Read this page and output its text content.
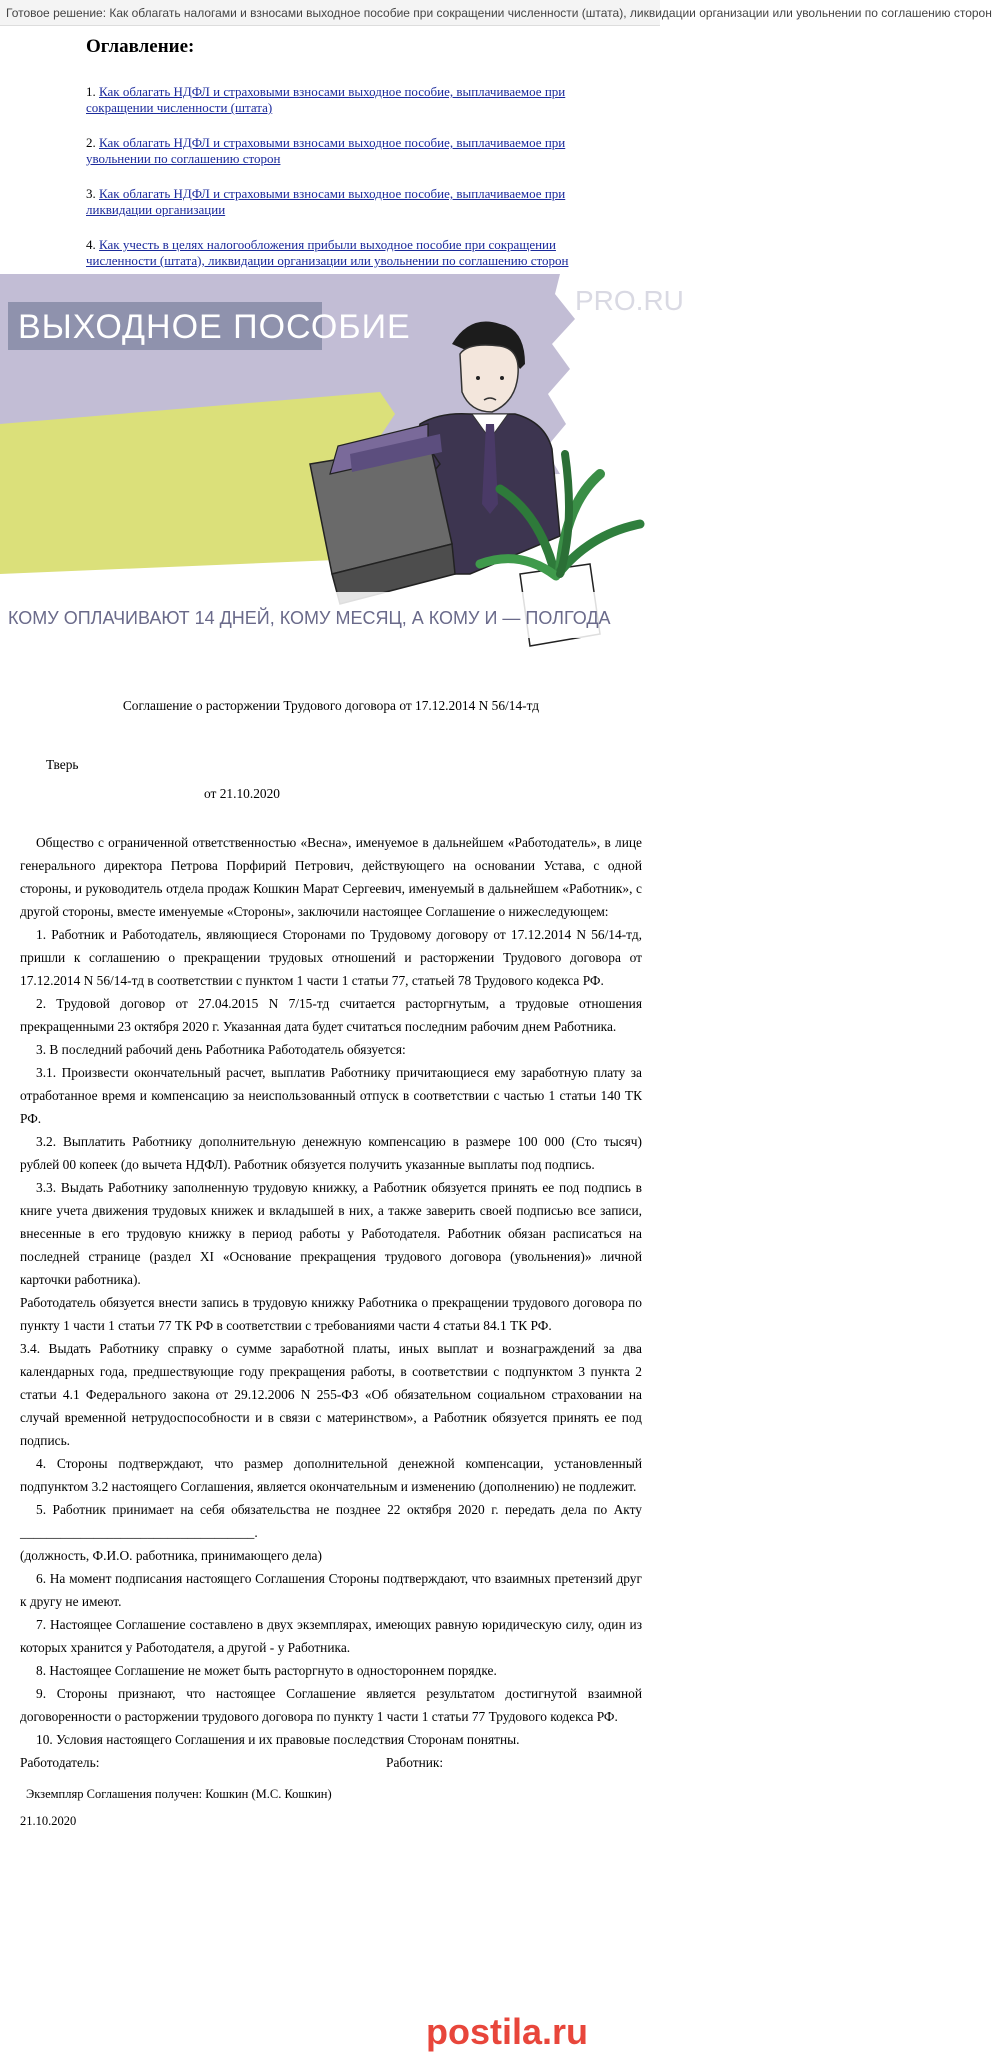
Готовое решение: Как облагать налогами и взносами выходное пособие при сокращении численности (штата), ликвидации организации или увольнении по соглашению сторон
Оглавление:
1. Как облагать НДФЛ и страховыми взносами выходное пособие, выплачиваемое при сокращении численности (штата)
2. Как облагать НДФЛ и страховыми взносами выходное пособие, выплачиваемое при увольнении по соглашению сторон
3. Как облагать НДФЛ и страховыми взносами выходное пособие, выплачиваемое при ликвидации организации
4. Как учесть в целях налогообложения прибыли выходное пособие при сокращении численности (штата), ликвидации организации или увольнении по соглашению сторон
ВЫХОДНОЕ ПОСОБИЕ
PRO.RU
КОМУ ОПЛАЧИВАЮТ 14 ДНЕЙ, КОМУ МЕСЯЦ, А КОМУ И — ПОЛГОДА

Соглашение о расторжении Трудового договора от 17.12.2014 N 56/14-тд

Тверь

от 21.10.2020

Общество с ограниченной ответственностью «Весна», именуемое в дальнейшем «Работодатель», в лице генерального директора Петрова Порфирий Петрович, действующего на основании Устава, с одной стороны, и руководитель отдела продаж Кошкин Марат Сергеевич, именуемый в дальнейшем «Работник», с другой стороны, вместе именуемые «Стороны», заключили настоящее Соглашение о нижеследующем:

1. Работник и Работодатель, являющиеся Сторонами по Трудовому договору от 17.12.2014 N 56/14-тд, пришли к соглашению о прекращении трудовых отношений и расторжении Трудового договора от 17.12.2014 N 56/14-тд в соответствии с пунктом 1 части 1 статьи 77, статьей 78 Трудового кодекса РФ.

2. Трудовой договор от 27.04.2015 N 7/15-тд считается расторгнутым, а трудовые отношения прекращенными 23 октября 2020 г. Указанная дата будет считаться последним рабочим днем Работника.

3. В последний рабочий день Работника Работодатель обязуется:

3.1. Произвести окончательный расчет, выплатив Работнику причитающиеся ему заработную плату за отработанное время и компенсацию за неиспользованный отпуск в соответствии с частью 1 статьи 140 ТК РФ.

3.2. Выплатить Работнику дополнительную денежную компенсацию в размере 100 000 (Сто тысяч) рублей 00 копеек (до вычета НДФЛ). Работник обязуется получить указанные выплаты под подпись.

3.3. Выдать Работнику заполненную трудовую книжку, а Работник обязуется принять ее под подпись в книге учета движения трудовых книжек и вкладышей в них, а также заверить своей подписью все записи, внесенные в его трудовую книжку в период работы у Работодателя. Работник обязан расписаться на последней странице (раздел XI «Основание прекращения трудового договора (увольнения)» личной карточки работника).

Работодатель обязуется внести запись в трудовую книжку Работника о прекращении трудового договора по пункту 1 части 1 статьи 77 ТК РФ в соответствии с требованиями части 4 статьи 84.1 ТК РФ.

3.4. Выдать Работнику справку о сумме заработной платы, иных выплат и вознаграждений за два календарных года, предшествующие году прекращения работы, в соответствии с подпунктом 3 пункта 2 статьи 4.1 Федерального закона от 29.12.2006 N 255-ФЗ «Об обязательном социальном страховании на случай временной нетрудоспособности и в связи с материнством», а Работник обязуется принять ее под подпись.

4. Стороны подтверждают, что размер дополнительной денежной компенсации, установленный подпунктом 3.2 настоящего Соглашения, является окончательным и изменению (дополнению) не подлежит.

5. Работник принимает на себя обязательства не позднее 22 октября 2020 г. передать дела по Акту ___________________________________.

(должность, Ф.И.О. работника, принимающего дела)

6. На момент подписания настоящего Соглашения Стороны подтверждают, что взаимных претензий друг к другу не имеют.

7. Настоящее Соглашение составлено в двух экземплярах, имеющих равную юридическую силу, один из которых хранится у Работодателя, а другой - у Работника.

8. Настоящее Соглашение не может быть расторгнуто в одностороннем порядке.

9. Стороны признают, что настоящее Соглашение является результатом достигнутой взаимной договоренности о расторжении трудового договора по пункту 1 части 1 статьи 77 Трудового кодекса РФ.

10. Условия настоящего Соглашения и их правовые последствия Сторонам понятны.

Работодатель:	Работник:

Экземпляр Соглашения получен: Кошкин (М.С. Кошкин)

21.10.2020

postila.ru
